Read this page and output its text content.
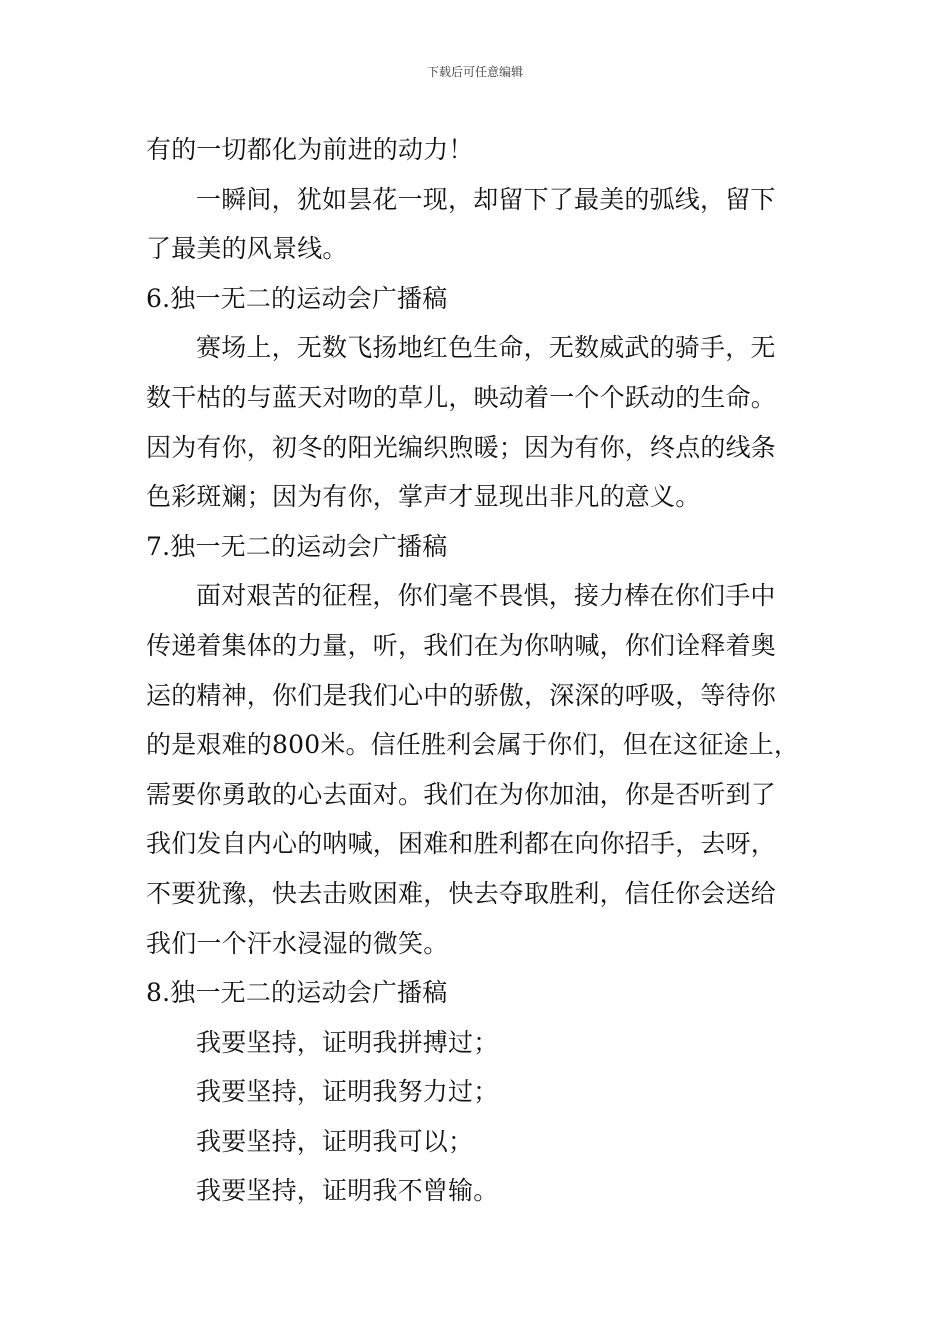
下载后可任意编辑
有的一切都化为前进的动力！
一瞬间，犹如昙花一现，却留下了最美的弧线，留下
了最美的风景线。
6.独一无二的运动会广播稿
赛场上，无数飞扬地红色生命，无数威武的骑手，无
数干枯的与蓝天对吻的草儿，映动着一个个跃动的生命。
因为有你，初冬的阳光编织煦暖；因为有你，终点的线条
色彩斑斓；因为有你，掌声才显现出非凡的意义。
7.独一无二的运动会广播稿
面对艰苦的征程，你们毫不畏惧，接力棒在你们手中
传递着集体的力量，听，我们在为你呐喊，你们诠释着奥
运的精神，你们是我们心中的骄傲，深深的呼吸，等待你
的是艰难的800米。信任胜利会属于你们，但在这征途上，
需要你勇敢的心去面对。我们在为你加油，你是否听到了
我们发自内心的呐喊，困难和胜利都在向你招手，去呀，
不要犹豫，快去击败困难，快去夺取胜利，信任你会送给
我们一个汗水浸湿的微笑。
8.独一无二的运动会广播稿
我要坚持，证明我拼搏过；
我要坚持，证明我努力过；
我要坚持，证明我可以；
我要坚持，证明我不曾输。
